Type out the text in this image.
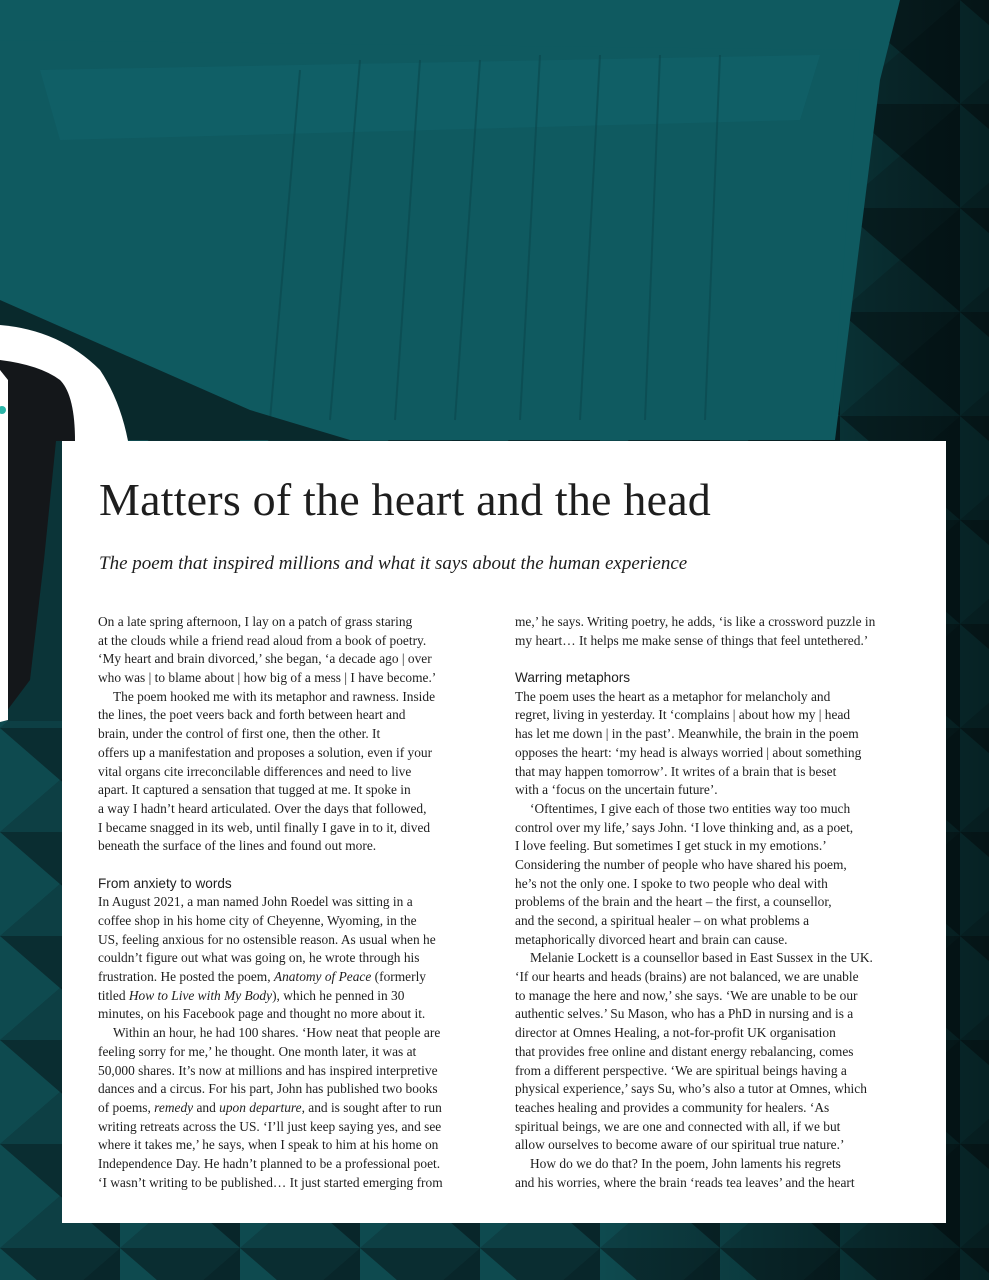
Matters of the heart and the head

The poem that inspired millions and what it says about the human experience

On a late spring afternoon, I lay on a patch of grass staring
at the clouds while a friend read aloud from a book of poetry.
‘My heart and brain divorced,’ she began, ‘a decade ago | over
who was | to blame about | how big of a mess | I have become.’
The poem hooked me with its metaphor and rawness. Inside
the lines, the poet veers back and forth between heart and
brain, under the control of first one, then the other. It
offers up a manifestation and proposes a solution, even if your
vital organs cite irreconcilable differences and need to live
apart. It captured a sensation that tugged at me. It spoke in
a way I hadn’t heard articulated. Over the days that followed,
I became snagged in its web, until finally I gave in to it, dived
beneath the surface of the lines and found out more.
From anxiety to words
In August 2021, a man named John Roedel was sitting in a
coffee shop in his home city of Cheyenne, Wyoming, in the
US, feeling anxious for no ostensible reason. As usual when he
couldn’t figure out what was going on, he wrote through his
frustration. He posted the poem, Anatomy of Peace (formerly
titled How to Live with My Body), which he penned in 30
minutes, on his Facebook page and thought no more about it.
Within an hour, he had 100 shares. ‘How neat that people are
feeling sorry for me,’ he thought. One month later, it was at
50,000 shares. It’s now at millions and has inspired interpretive
dances and a circus. For his part, John has published two books
of poems, remedy and upon departure, and is sought after to run
writing retreats across the US. ‘I’ll just keep saying yes, and see
where it takes me,’ he says, when I speak to him at his home on
Independence Day. He hadn’t planned to be a professional poet.
‘I wasn’t writing to be published… It just started emerging from
me,’ he says. Writing poetry, he adds, ‘is like a crossword puzzle in
my heart… It helps me make sense of things that feel untethered.’
Warring metaphors
The poem uses the heart as a metaphor for melancholy and
regret, living in yesterday. It ‘complains | about how my | head
has let me down | in the past’. Meanwhile, the brain in the poem
opposes the heart: ‘my head is always worried | about something
that may happen tomorrow’. It writes of a brain that is beset
with a ‘focus on the uncertain future’.
‘Oftentimes, I give each of those two entities way too much
control over my life,’ says John. ‘I love thinking and, as a poet,
I love feeling. But sometimes I get stuck in my emotions.’
Considering the number of people who have shared his poem,
he’s not the only one. I spoke to two people who deal with
problems of the brain and the heart – the first, a counsellor,
and the second, a spiritual healer – on what problems a
metaphorically divorced heart and brain can cause.
Melanie Lockett is a counsellor based in East Sussex in the UK.
‘If our hearts and heads (brains) are not balanced, we are unable
to manage the here and now,’ she says. ‘We are unable to be our
authentic selves.’ Su Mason, who has a PhD in nursing and is a
director at Omnes Healing, a not-for-profit UK organisation
that provides free online and distant energy rebalancing, comes
from a different perspective. ‘We are spiritual beings having a
physical experience,’ says Su, who’s also a tutor at Omnes, which
teaches healing and provides a community for healers. ‘As
spiritual beings, we are one and connected with all, if we but
allow ourselves to become aware of our spiritual true nature.’
How do we do that? In the poem, John laments his regrets
and his worries, where the brain ‘reads tea leaves’ and the heart
